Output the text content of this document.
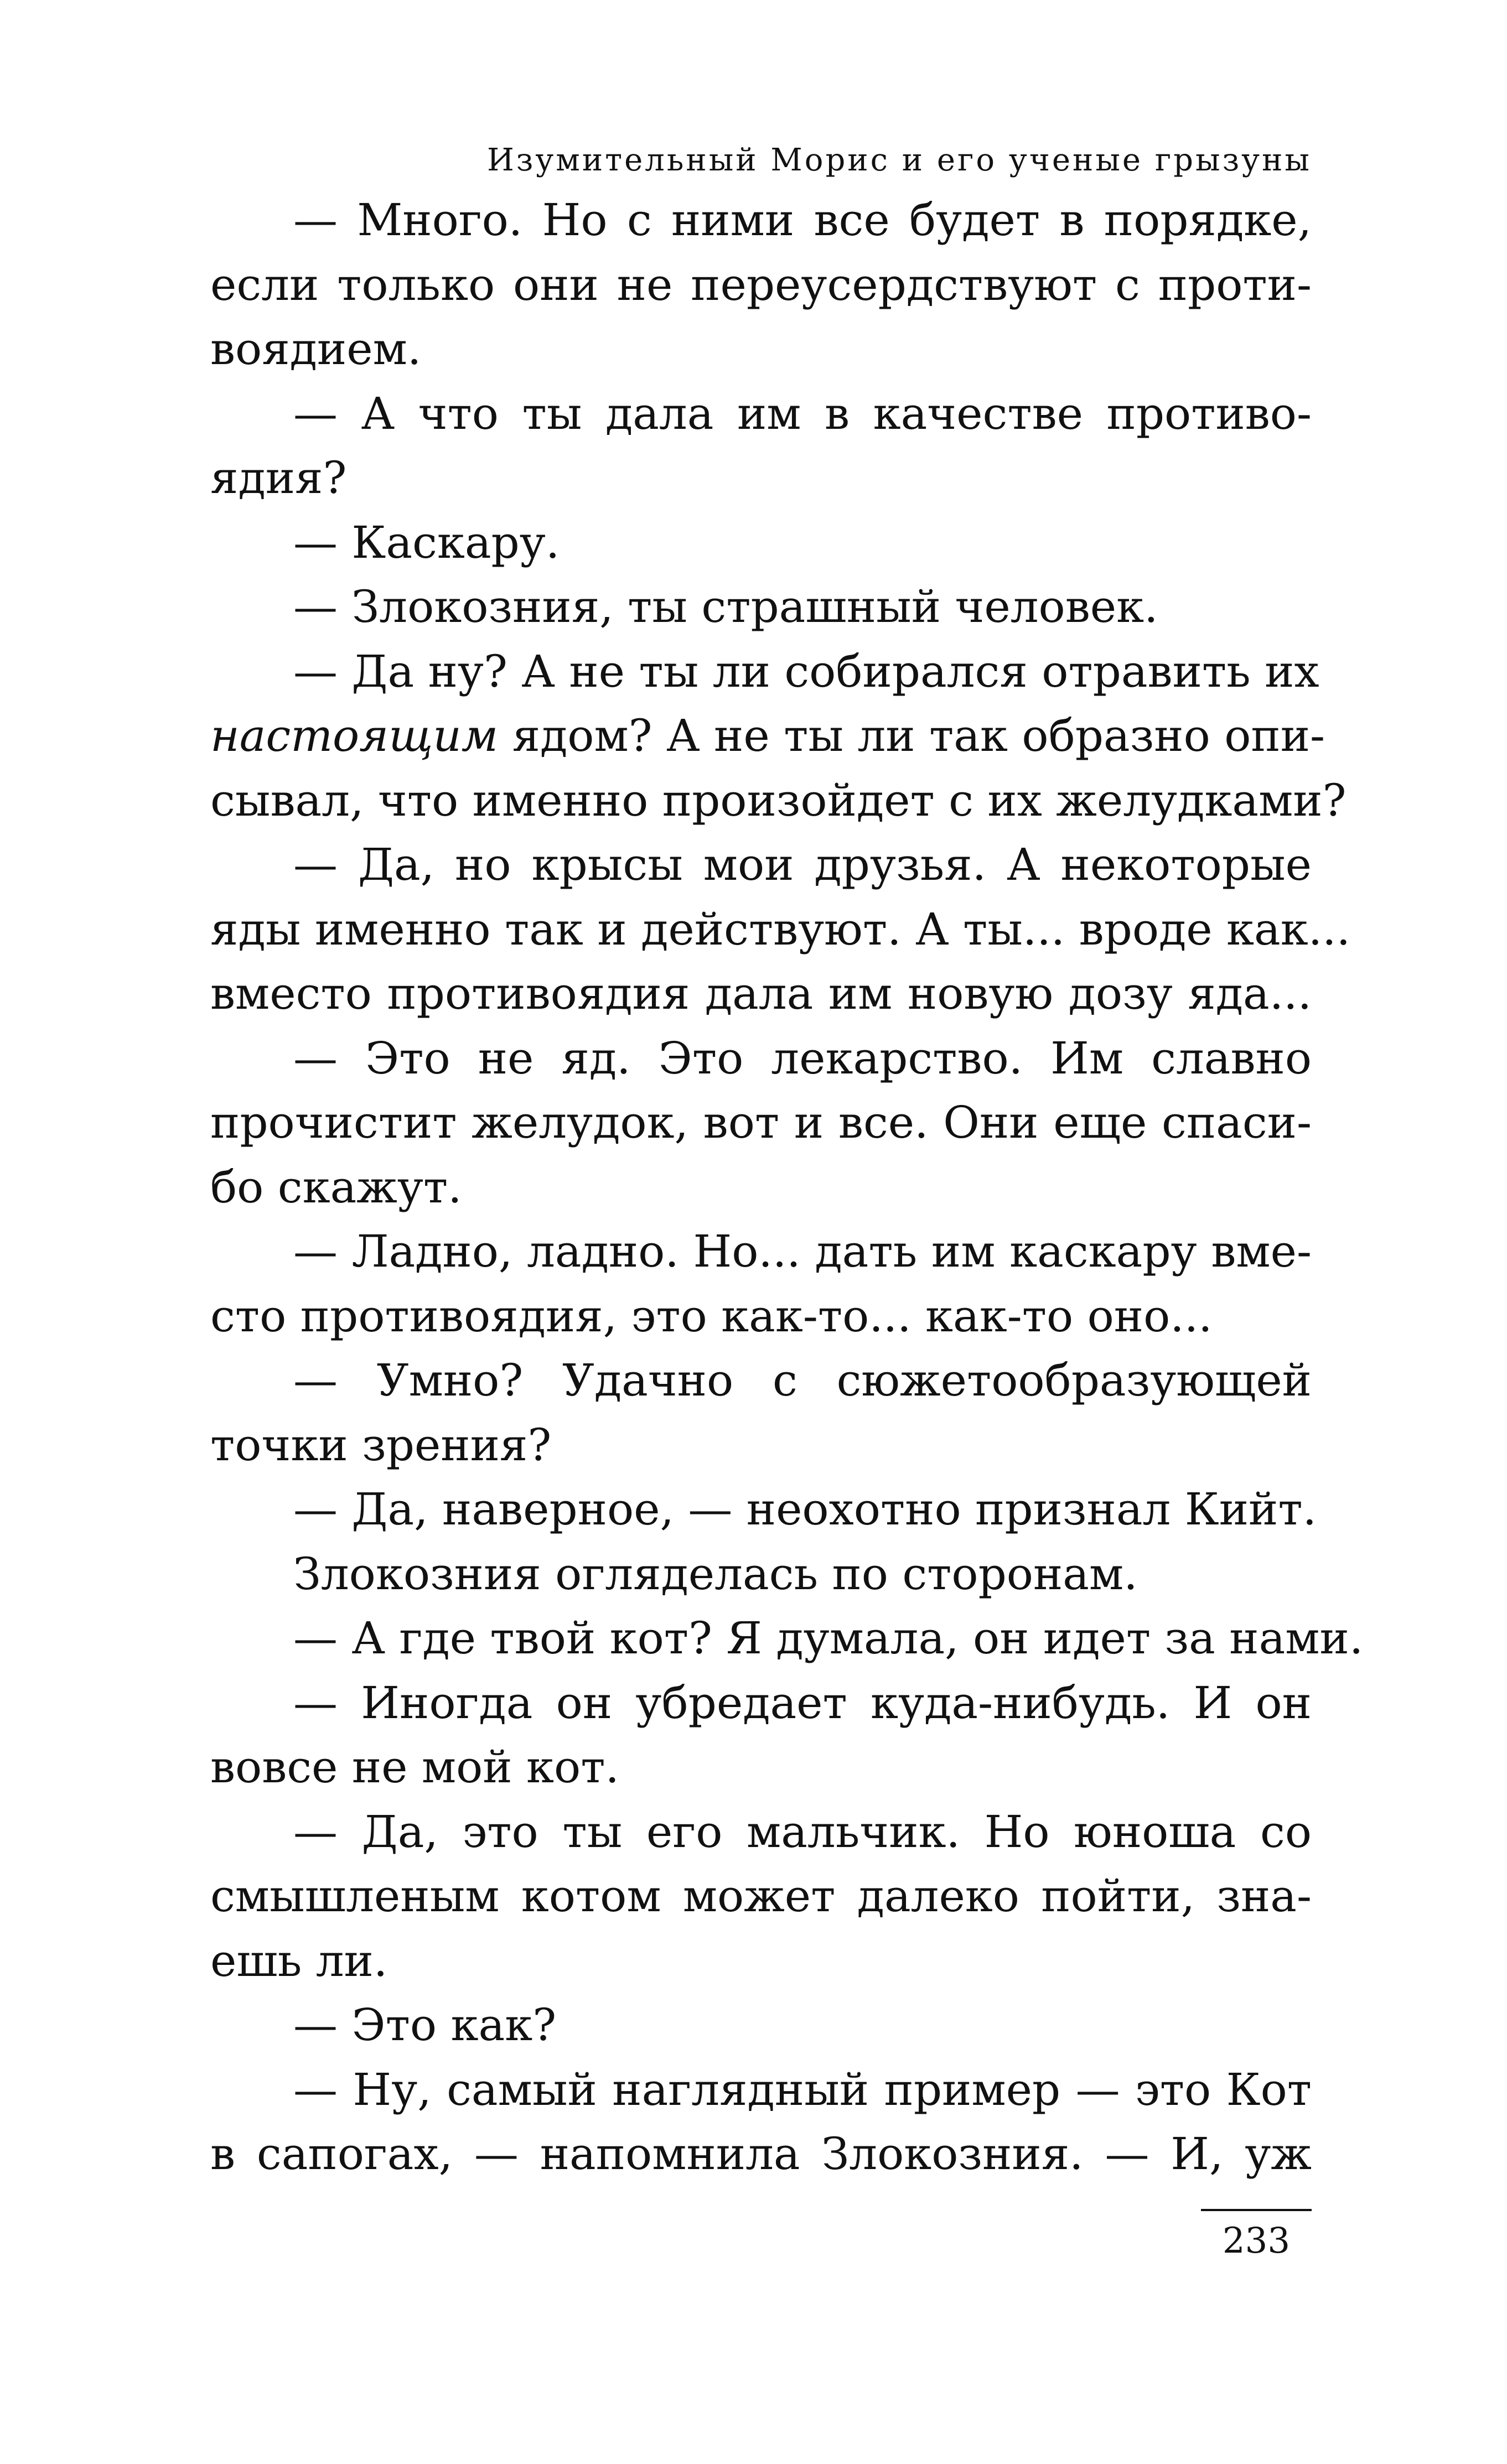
Изумительный Морис и его ученые грызуны
— Много. Но с ними все будет в порядке,
если только они не переусердствуют с проти-
воядием.
— А что ты дала им в качестве противо-
ядия?
— Каскару.
— Злокозния, ты страшный человек.
— Да ну? А не ты ли собирался отравить их
настоящим ядом? А не ты ли так образно опи-
сывал, что именно произойдет с их желудками?
— Да, но крысы мои друзья. А некоторые
яды именно так и действуют. А ты... вроде как...
вместо противоядия дала им новую дозу яда...
— Это не яд. Это лекарство. Им славно
прочистит желудок, вот и все. Они еще спаси-
бо скажут.
— Ладно, ладно. Но... дать им каскару вме-
сто противоядия, это как-то... как-то оно...
— Умно? Удачно с сюжетообразующей
точки зрения?
— Да, наверное, — неохотно признал Кийт.
Злокозния огляделась по сторонам.
— А где твой кот? Я думала, он идет за нами.
— Иногда он убредает куда-нибудь. И он
вовсе не мой кот.
— Да, это ты его мальчик. Но юноша со
смышленым котом может далеко пойти, зна-
ешь ли.
— Это как?
— Ну, самый наглядный пример — это Кот
в сапогах, — напомнила Злокозния. — И, уж
233
